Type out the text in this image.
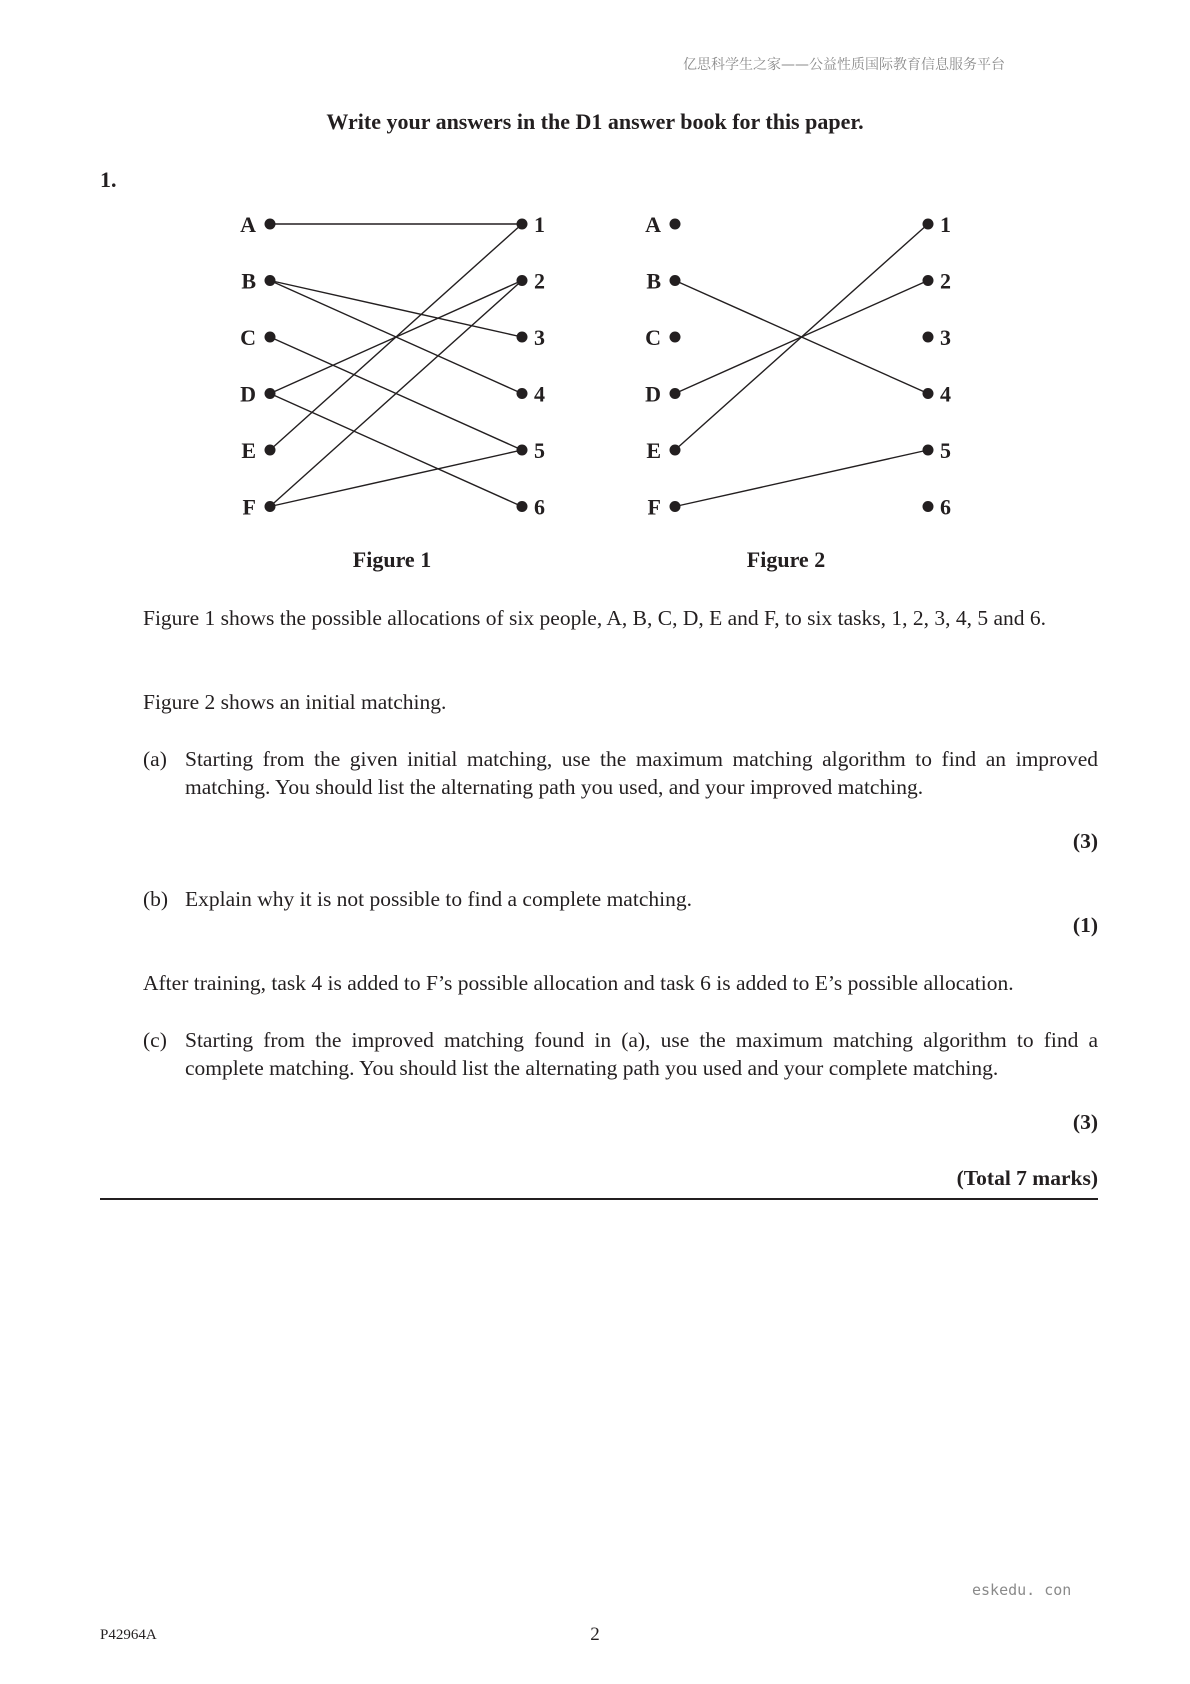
亿思科学生之家——公益性质国际教育信息服务平台
Write your answers in the D1 answer book for this paper.
1.
A
B
C
D
E
F
1
2
3
4
5
6
A
B
C
D
E
F
1
2
3
4
5
6
Figure 1	Figure 2
Figure 1 shows the possible allocations of six people, A, B, C, D, E and F, to six tasks, 1, 2, 3, 4, 5 and 6.
Figure 2 shows an initial matching.
(a) Starting from the given initial matching, use the maximum matching algorithm to find an improved matching. You should list the alternating path you used, and your improved matching.
(3)
(b) Explain why it is not possible to find a complete matching.
(1)
After training, task 4 is added to F’s possible allocation and task 6 is added to E’s possible allocation.
(c) Starting from the improved matching found in (a), use the maximum matching algorithm to find a complete matching. You should list the alternating path you used and your complete matching.
(3)
(Total 7 marks)
eskedu. con
P42964A	2
